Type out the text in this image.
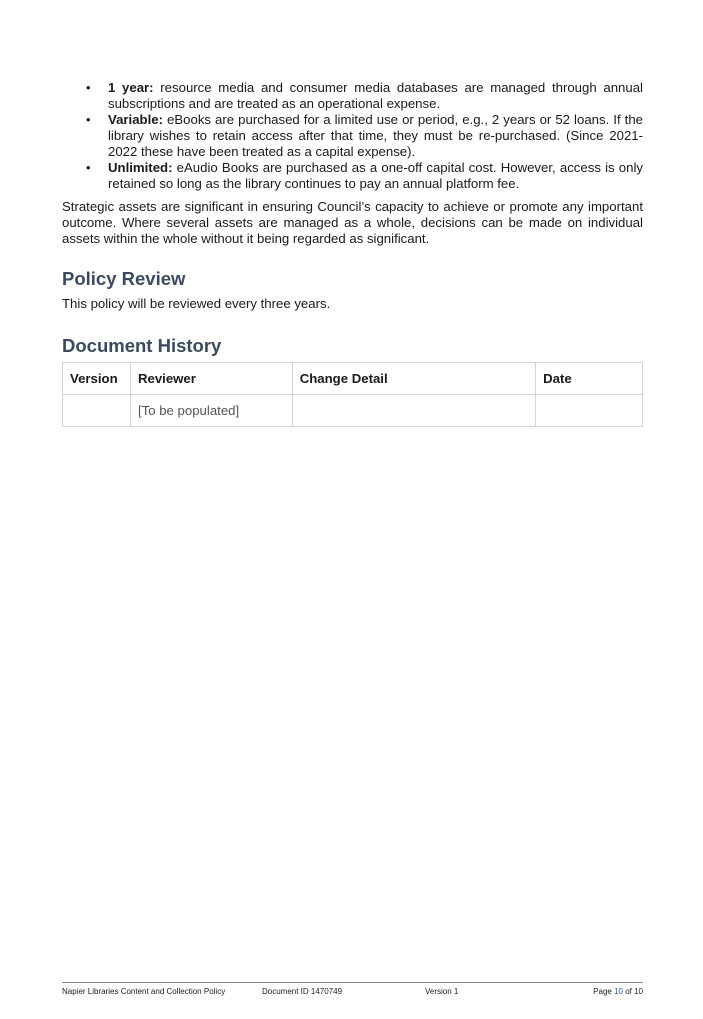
• 1 year: resource media and consumer media databases are managed through annual subscriptions and are treated as an operational expense.
• Variable: eBooks are purchased for a limited use or period, e.g., 2 years or 52 loans. If the library wishes to retain access after that time, they must be re-purchased. (Since 2021-2022 these have been treated as a capital expense).
• Unlimited: eAudio Books are purchased as a one-off capital cost. However, access is only retained so long as the library continues to pay an annual platform fee.

Strategic assets are significant in ensuring Council’s capacity to achieve or promote any important outcome. Where several assets are managed as a whole, decisions can be made on individual assets within the whole without it being regarded as significant.

Policy Review

This policy will be reviewed every three years.

Document History
Version	Reviewer	Change Detail	Date
	[To be populated]		
Napier Libraries Content and Collection Policy	Document ID 1470749	Version 1	Page 10 of 10
